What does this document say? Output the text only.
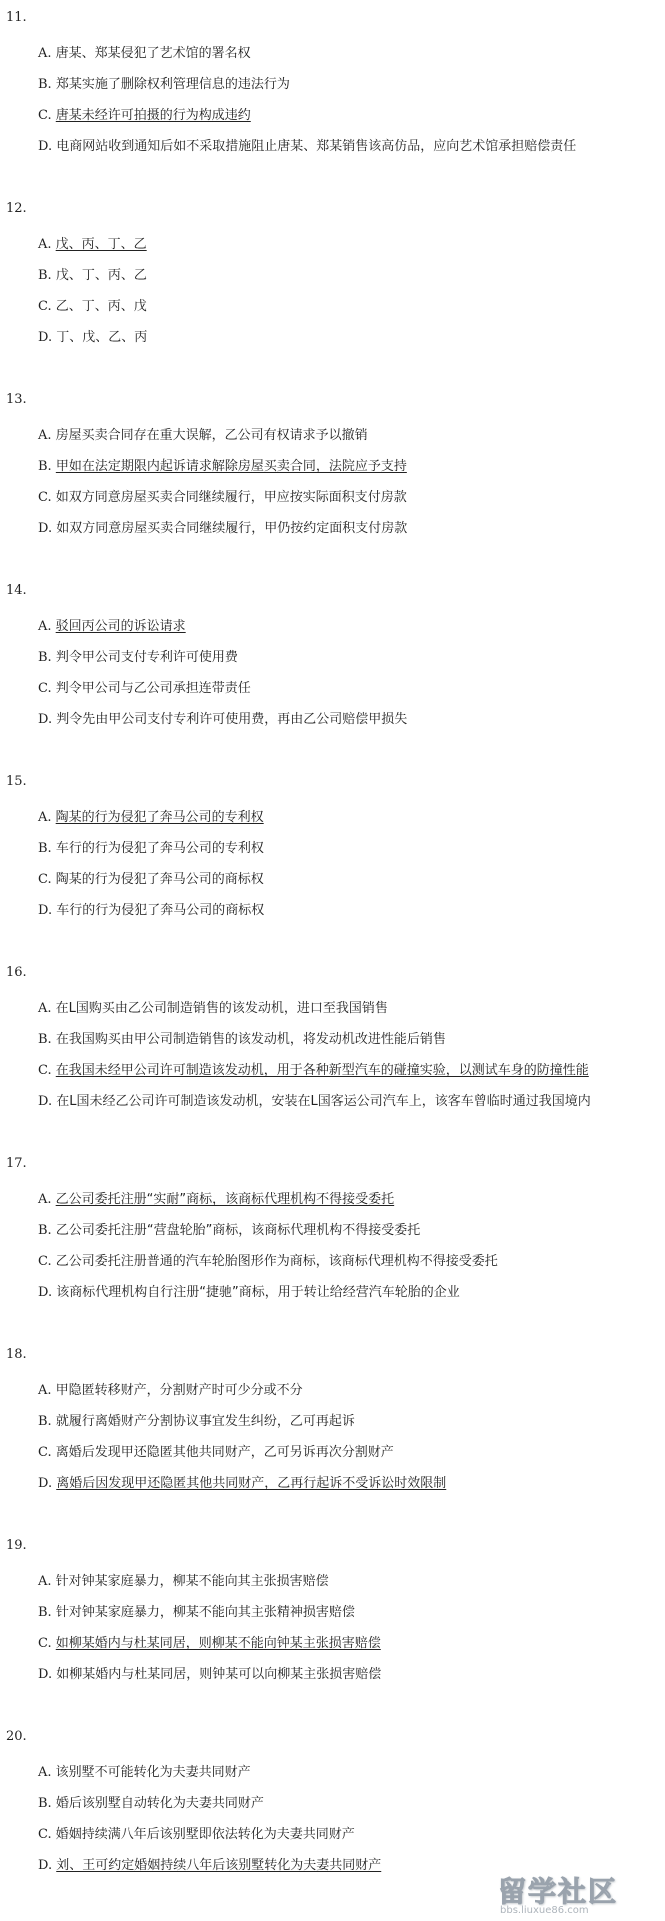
11.
A. 唐某、郑某侵犯了艺术馆的署名权
B. 郑某实施了删除权利管理信息的违法行为
C. 唐某未经许可拍摄的行为构成违约
D. 电商网站收到通知后如不采取措施阻止唐某、郑某销售该高仿品，应向艺术馆承担赔偿责任
12.
A. 戊、丙、丁、乙
B. 戊、丁、丙、乙
C. 乙、丁、丙、戊
D. 丁、戊、乙、丙
13.
A. 房屋买卖合同存在重大误解，乙公司有权请求予以撤销
B. 甲如在法定期限内起诉请求解除房屋买卖合同，法院应予支持
C. 如双方同意房屋买卖合同继续履行，甲应按实际面积支付房款
D. 如双方同意房屋买卖合同继续履行，甲仍按约定面积支付房款
14.
A. 驳回丙公司的诉讼请求
B. 判令甲公司支付专利许可使用费
C. 判令甲公司与乙公司承担连带责任
D. 判令先由甲公司支付专利许可使用费，再由乙公司赔偿甲损失
15.
A. 陶某的行为侵犯了奔马公司的专利权
B. 车行的行为侵犯了奔马公司的专利权
C. 陶某的行为侵犯了奔马公司的商标权
D. 车行的行为侵犯了奔马公司的商标权
16.
A. 在L国购买由乙公司制造销售的该发动机，进口至我国销售
B. 在我国购买由甲公司制造销售的该发动机，将发动机改进性能后销售
C. 在我国未经甲公司许可制造该发动机，用于各种新型汽车的碰撞实验，以测试车身的防撞性能
D. 在L国未经乙公司许可制造该发动机，安装在L国客运公司汽车上，该客车曾临时通过我国境内
17.
A. 乙公司委托注册“实耐”商标，该商标代理机构不得接受委托
B. 乙公司委托注册“营盘轮胎”商标，该商标代理机构不得接受委托
C. 乙公司委托注册普通的汽车轮胎图形作为商标，该商标代理机构不得接受委托
D. 该商标代理机构自行注册“捷驰”商标，用于转让给经营汽车轮胎的企业
18.
A. 甲隐匿转移财产，分割财产时可少分或不分
B. 就履行离婚财产分割协议事宜发生纠纷，乙可再起诉
C. 离婚后发现甲还隐匿其他共同财产，乙可另诉再次分割财产
D. 离婚后因发现甲还隐匿其他共同财产，乙再行起诉不受诉讼时效限制
19.
A. 针对钟某家庭暴力，柳某不能向其主张损害赔偿
B. 针对钟某家庭暴力，柳某不能向其主张精神损害赔偿
C. 如柳某婚内与杜某同居，则柳某不能向钟某主张损害赔偿
D. 如柳某婚内与杜某同居，则钟某可以向柳某主张损害赔偿
20.
A. 该别墅不可能转化为夫妻共同财产
B. 婚后该别墅自动转化为夫妻共同财产
C. 婚姻持续满八年后该别墅即依法转化为夫妻共同财产
D. 刘、王可约定婚姻持续八年后该别墅转化为夫妻共同财产
留学社区
bbs.liuxue86.com
